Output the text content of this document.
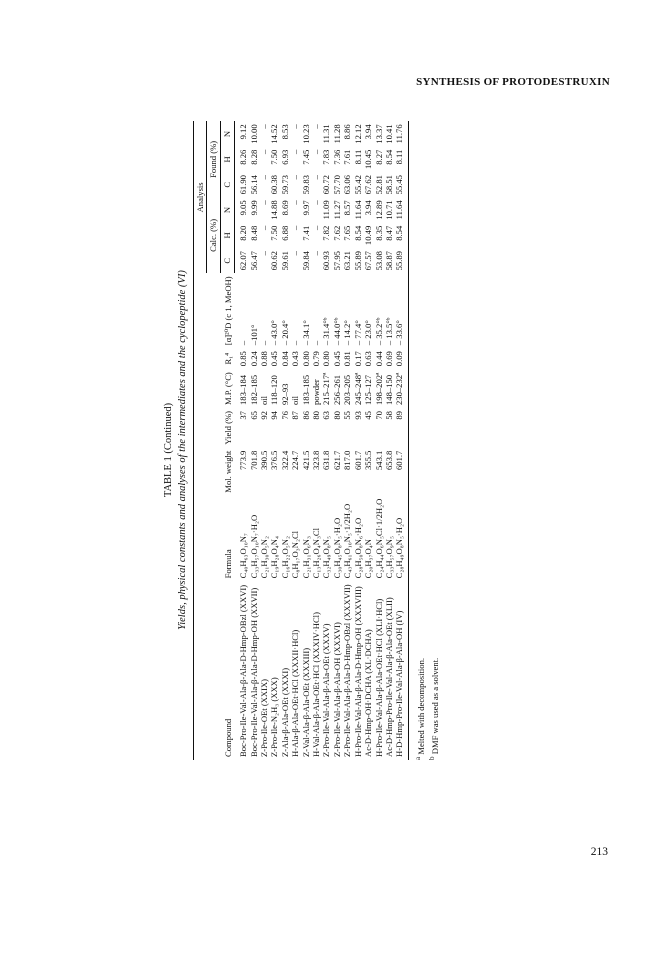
SYNTHESIS OF PROTODESTRUXIN
TABLE 1 (Continued) Yields, physical constants and analyses of the intermediates and the cyclopeptide (VI)
Compound	Formula	Mol. weight	Yield (%)	M.P. (°C)	R₁⁴	[α]²⁰D (c 1, MeOH)	Analysis					
							Calc. (%)			Found (%)		
							C	H	N	C	H	N
Boc-Pro-Ile-Val-Ala-β-Ala-D-Hmp-OBzl (XXVI)	C₄₀H₆₃O₁₀N₇	773.9	37	183–184	0.85	–	62.07	8.20	9.05	61.90	8.26	9.12
Boc-Pro-Ile-Val-Ala-β-Ala-D-Hmp-OH (XXVII)	C₃₃H₅₇O₁₀N₇·H₂O	701.8	65	182–185	0.24	–101°	56.47	8.48	9.99	56.14	8.28	10.00
Z-Pro-Ile-OEt (XXIX)	C₂₁H₃₀O₅N₂	390.5	92	oil	0.88	–	–	–	–	–	–	–
Z-Pro-Ile-N₂H₃ (XXX)	C₁₉H₂₈O₄N₄	376.5	94	118–120	0.45	– 43.0°	60.62	7.50	14.88	60.38	7.50	14.52
Z-Ala-β-Ala-OEt (XXXI)	C₁₆H₂₂O₅N₂	322.4	76	92–93	0.84	– 20.4°	59.61	6.88	8.69	59.73	6.93	8.53
H-Ala-β-Ala-OEt·HCl (XXXII·HCl)	C₈H₁₇O₃N₂Cl	224.7	87	oil	0.43	–	–	–	–	–	–	–
Z-Val-Ala-β-Ala-OEt (XXXIII)	C₂₁H₃₁O₆N₃	421.5	86	183–185	0.80	– 34.1°	59.84	7.41	9.97	59.83	7.45	10.23
H-Val-Ala-β-Ala-OEt·HCl (XXXIV·HCl)	C₁₃H₂₆O₄N₃Cl	323.8	80	powder	0.79	–	–	–	–	–	–	–
Z-Pro-Ile-Val-Ala-β-Ala-OEt (XXXV)	C₃₂H₄₉O₈N₅	631.8	63	215–217ª	0.80	– 31.4°ᵇ	60.93	7.82	11.09	60.72	7.83	11.31
Z-Pro-Ile-Val-Ala-β-Ala-OH (XXXVI)	C₃₀H₄₅O₈N₅·H₂O	621.7	80	256–261	0.45	– 44.0°ᵇ	57.95	7.62	11.27	57.70	7.36	11.28
Z-Pro-Ile-Val-Ala-β-Ala-D-Hmp-OBzl (XXXVII)	C₄₃H₆₁O₁₀N₅·1/2H₂O	817.0	55	203–205	0.81	– 14.2°	63.21	7.65	8.57	63.06	7.61	8.86
H-Pro-Ile-Val-Ala-β-Ala-D-Hmp-OH (XXXVIII)	C₂₈H₅₀O₈N₆·H₂O	601.7	93	245–248ª	0.17	– 77.4°	55.89	8.54	11.64	55.42	8.11	12.12
Ac-D-Hmp-OH·DCHA (XL·DCHA)	C₂₀H₃₇O₄N	355.5	45	125–127	0.63	– 23.0°	67.57	10.49	3.94	67.62	10.45	3.94
H-Pro-Ile-Val-Ala-β-Ala-OEt·HCl (XLI·HCl)	C₂₄H₄₄O₆N₅Cl·1/2H₂O	543.1	70	198–202ª	0.44	– 35.2°ᵇ	53.08	8.35	12.89	52.81	8.27	13.37
Ac-D-Hmp-Pro-Ile-Val-Ala-β-Ala-OEt (XLII)	C₃₃H₅₇O₉N₅	653.8	58	148–150	0.69	– 13.5°ᵇ	58.87	8.47	10.71	58.51	8.54	10.41
H-D-Hmp-Pro-Ile-Val-Ala-β-Ala-OH (IV)	C₂₈H₄₉O₈N₅·H₂O	601.7	89	230–232ª	0.09	– 33.6°	55.89	8.54	11.64	55.45	8.11	11.76
$^a$ Melted with decomposition.
$^b$ DMF was used as a solvent.
213
